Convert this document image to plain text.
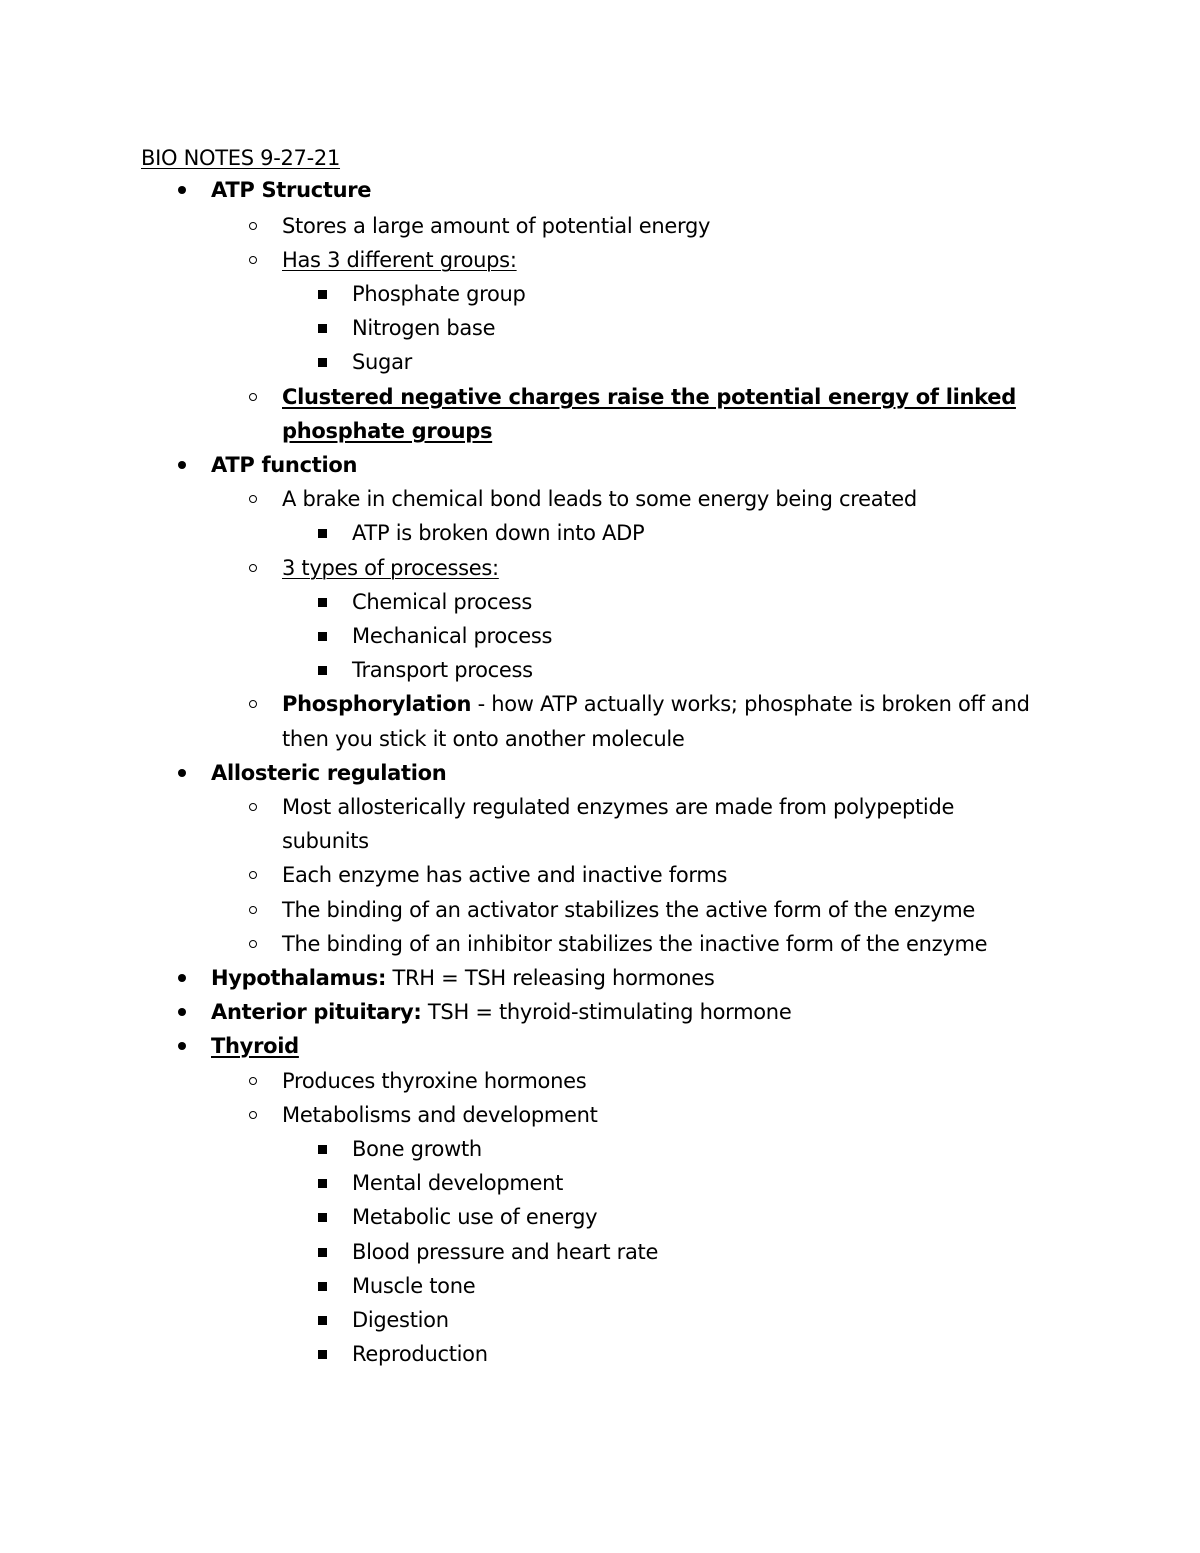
BIO NOTES 9-27-21
ATP Structure
Stores a large amount of potential energy
Has 3 different groups:
Phosphate group
Nitrogen base
Sugar
Clustered negative charges raise the potential energy of linked
phosphate groups
ATP function
A brake in chemical bond leads to some energy being created
ATP is broken down into ADP
3 types of processes:
Chemical process
Mechanical process
Transport process
Phosphorylation - how ATP actually works; phosphate is broken off and
then you stick it onto another molecule
Allosteric regulation
Most allosterically regulated enzymes are made from polypeptide
subunits
Each enzyme has active and inactive forms
The binding of an activator stabilizes the active form of the enzyme
The binding of an inhibitor stabilizes the inactive form of the enzyme
Hypothalamus: TRH = TSH releasing hormones
Anterior pituitary: TSH = thyroid-stimulating hormone
Thyroid
Produces thyroxine hormones
Metabolisms and development
Bone growth
Mental development
Metabolic use of energy
Blood pressure and heart rate
Muscle tone
Digestion
Reproduction
